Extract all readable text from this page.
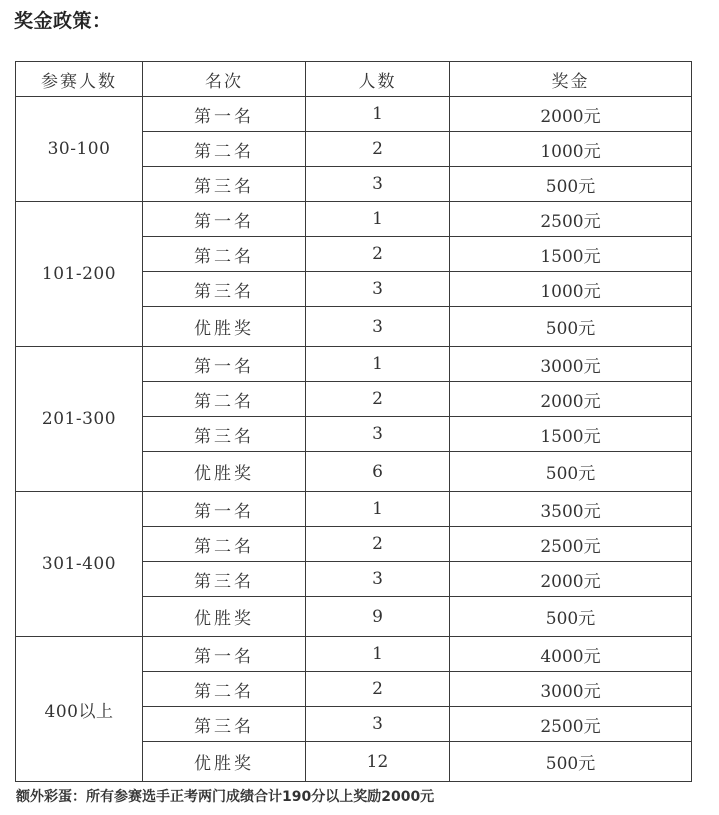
奖金政策：
参赛人数	名次	人数	奖金
30-100	第一名	1	2000元
	第二名	2	1000元
	第三名	3	500元
101-200	第一名	1	2500元
	第二名	2	1500元
	第三名	3	1000元
	优胜奖	3	500元
201-300	第一名	1	3000元
	第二名	2	2000元
	第三名	3	1500元
	优胜奖	6	500元
301-400	第一名	1	3500元
	第二名	2	2500元
	第三名	3	2000元
	优胜奖	9	500元
400以上	第一名	1	4000元
	第二名	2	3000元
	第三名	3	2500元
	优胜奖	12	500元
额外彩蛋：所有参赛选手正考两门成绩合计190分以上奖励2000元
